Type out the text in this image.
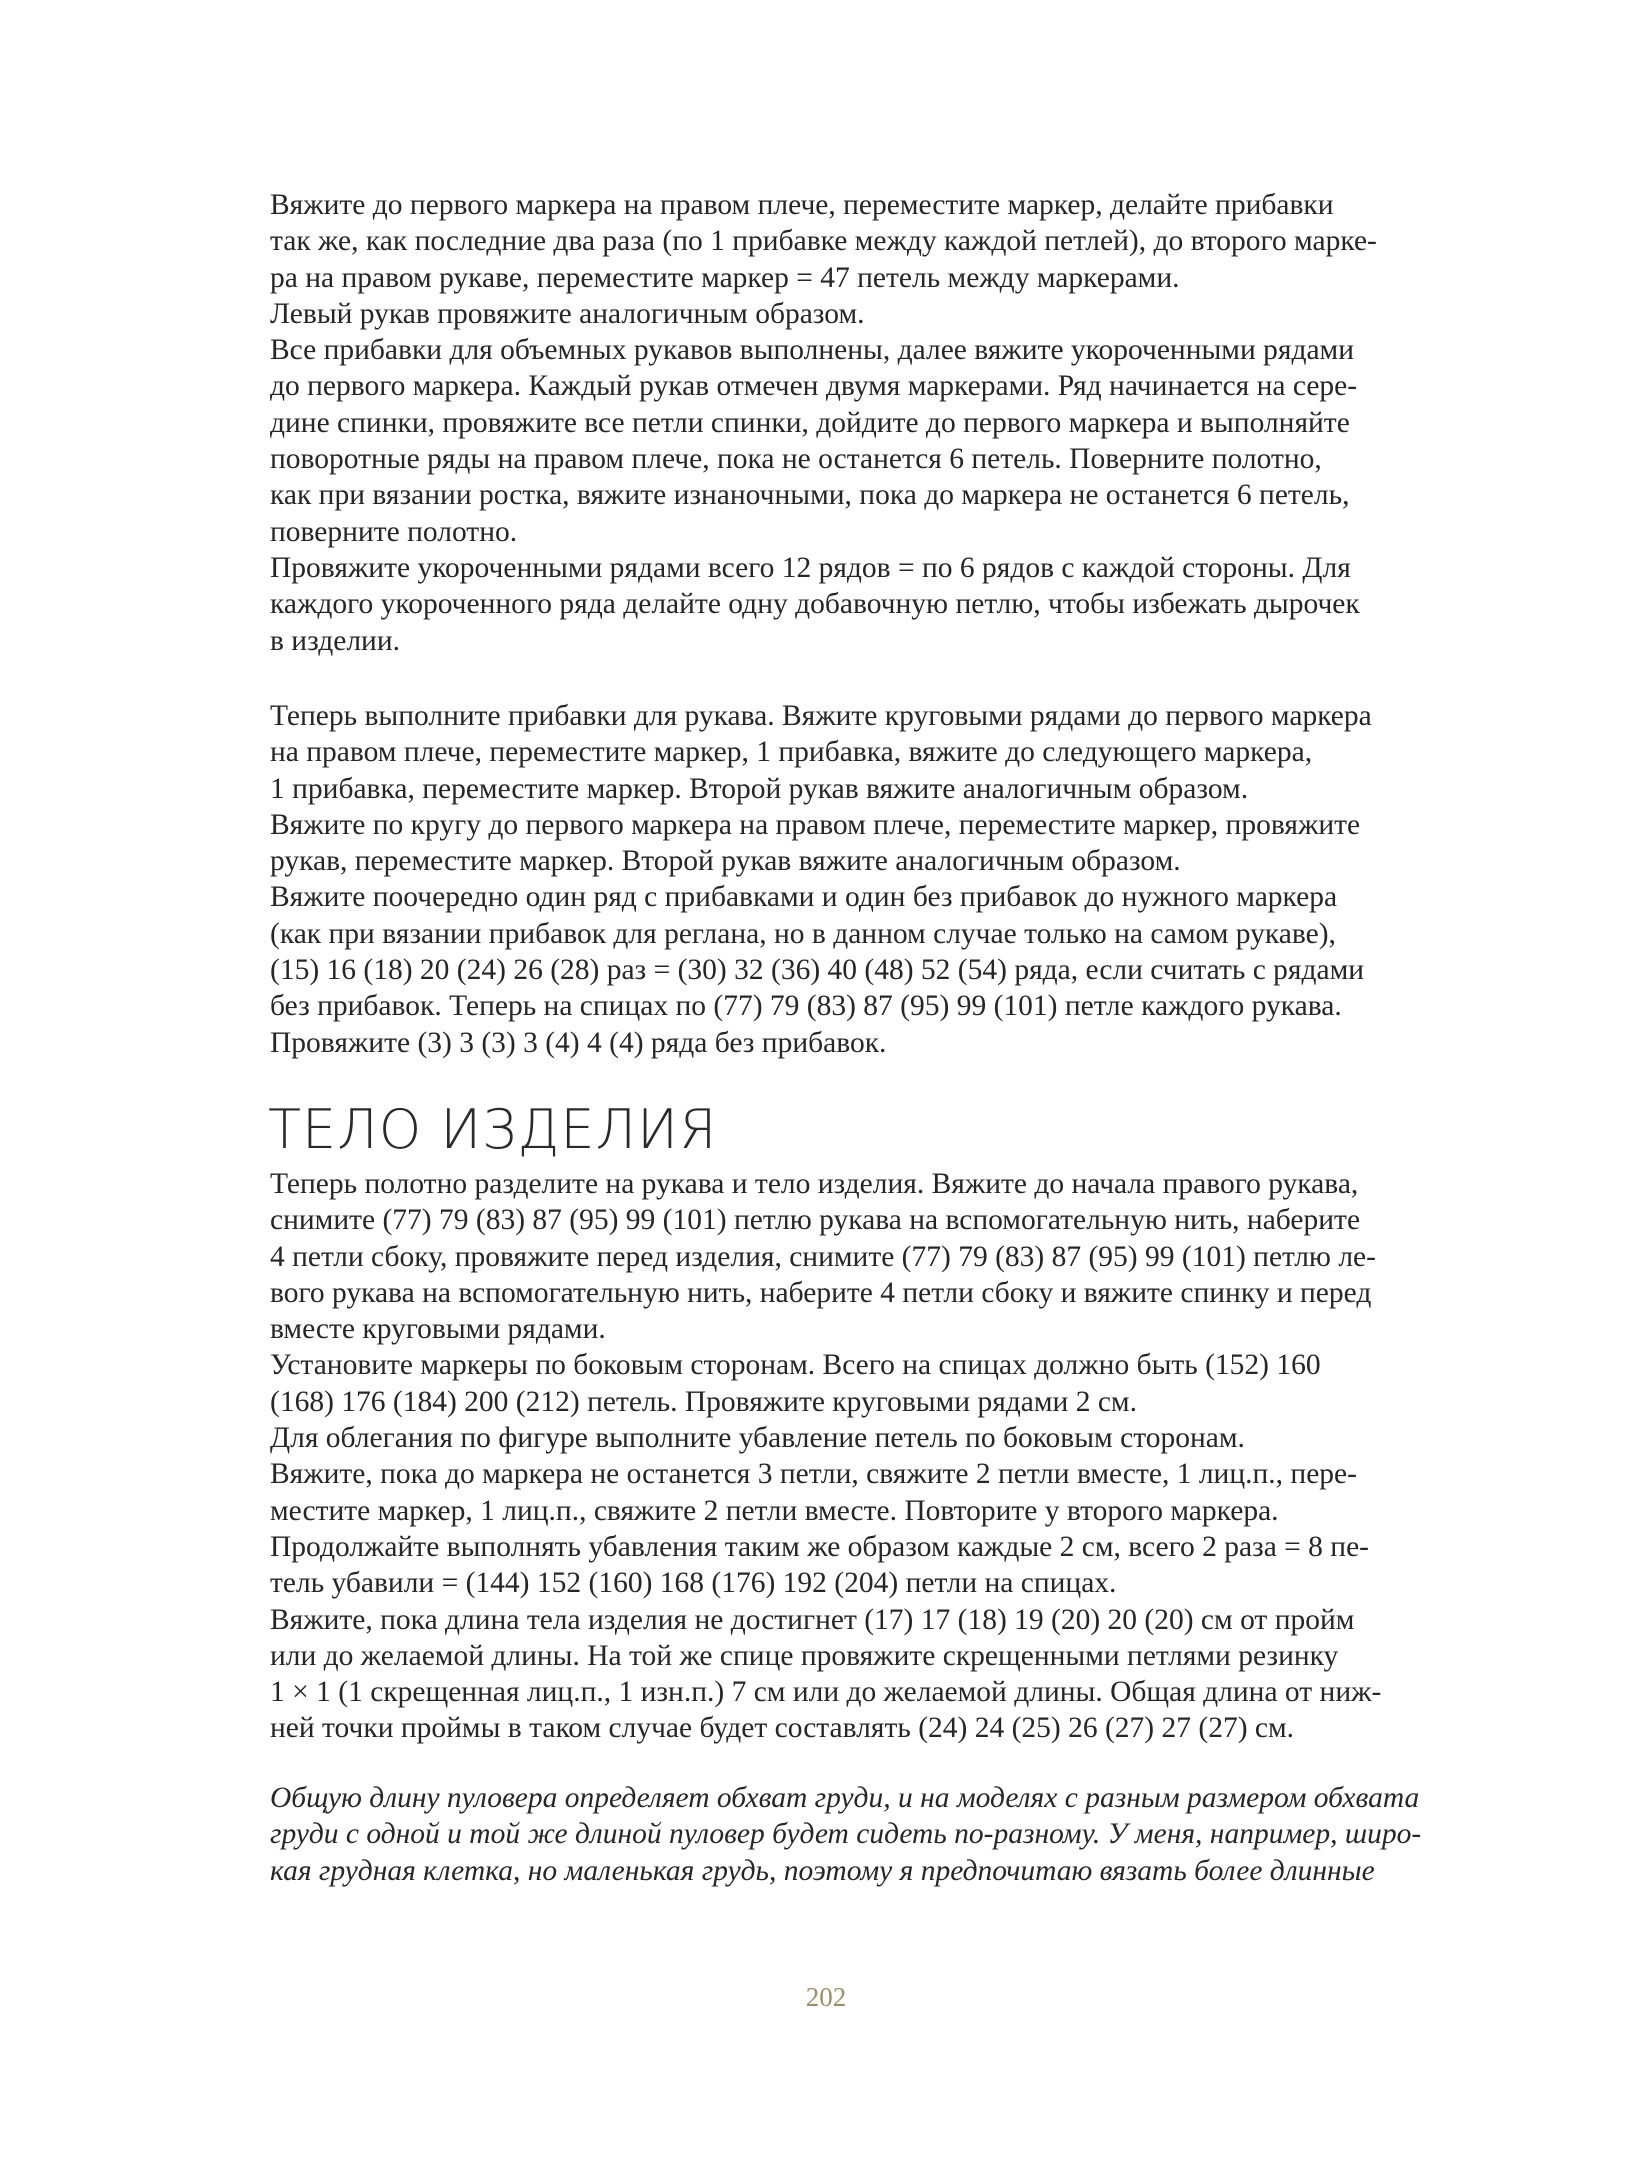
Вяжите до первого маркера на правом плече, переместите маркер, делайте прибавки
так же, как последние два раза (по 1 прибавке между каждой петлей), до второго марке-
ра на правом рукаве, переместите маркер = 47 петель между маркерами.
Левый рукав провяжите аналогичным образом.
Все прибавки для объемных рукавов выполнены, далее вяжите укороченными рядами
до первого маркера. Каждый рукав отмечен двумя маркерами. Ряд начинается на сере-
дине спинки, провяжите все петли спинки, дойдите до первого маркера и выполняйте
поворотные ряды на правом плече, пока не останется 6 петель. Поверните полотно,
как при вязании ростка, вяжите изнаночными, пока до маркера не останется 6 петель,
поверните полотно.
Провяжите укороченными рядами всего 12 рядов = по 6 рядов с каждой стороны. Для
каждого укороченного ряда делайте одну добавочную петлю, чтобы избежать дырочек
в изделии.
Теперь выполните прибавки для рукава. Вяжите круговыми рядами до первого маркера
на правом плече, переместите маркер, 1 прибавка, вяжите до следующего маркера,
1 прибавка, переместите маркер. Второй рукав вяжите аналогичным образом.
Вяжите по кругу до первого маркера на правом плече, переместите маркер, провяжите
рукав, переместите маркер. Второй рукав вяжите аналогичным образом.
Вяжите поочередно один ряд с прибавками и один без прибавок до нужного маркера
(как при вязании прибавок для реглана, но в данном случае только на самом рукаве),
(15) 16 (18) 20 (24) 26 (28) раз = (30) 32 (36) 40 (48) 52 (54) ряда, если считать с рядами
без прибавок. Теперь на спицах по (77) 79 (83) 87 (95) 99 (101) петле каждого рукава.
Провяжите (3) 3 (3) 3 (4) 4 (4) ряда без прибавок.
ТЕЛО ИЗДЕЛИЯ
Теперь полотно разделите на рукава и тело изделия. Вяжите до начала правого рукава,
снимите (77) 79 (83) 87 (95) 99 (101) петлю рукава на вспомогательную нить, наберите
4 петли сбоку, провяжите перед изделия, снимите (77) 79 (83) 87 (95) 99 (101) петлю ле-
вого рукава на вспомогательную нить, наберите 4 петли сбоку и вяжите спинку и перед
вместе круговыми рядами.
Установите маркеры по боковым сторонам. Всего на спицах должно быть (152) 160
(168) 176 (184) 200 (212) петель. Провяжите круговыми рядами 2 см.
Для облегания по фигуре выполните убавление петель по боковым сторонам.
Вяжите, пока до маркера не останется 3 петли, свяжите 2 петли вместе, 1 лиц.п., пере-
местите маркер, 1 лиц.п., свяжите 2 петли вместе. Повторите у второго маркера.
Продолжайте выполнять убавления таким же образом каждые 2 см, всего 2 раза = 8 пе-
тель убавили = (144) 152 (160) 168 (176) 192 (204) петли на спицах.
Вяжите, пока длина тела изделия не достигнет (17) 17 (18) 19 (20) 20 (20) см от пройм
или до желаемой длины. На той же спице провяжите скрещенными петлями резинку
1 × 1 (1 скрещенная лиц.п., 1 изн.п.) 7 см или до желаемой длины. Общая длина от ниж-
ней точки проймы в таком случае будет составлять (24) 24 (25) 26 (27) 27 (27) см.
Общую длину пуловера определяет обхват груди, и на моделях с разным размером обхвата
груди с одной и той же длиной пуловер будет сидеть по-разному. У меня, например, широ-
кая грудная клетка, но маленькая грудь, поэтому я предпочитаю вязать более длинные
202
